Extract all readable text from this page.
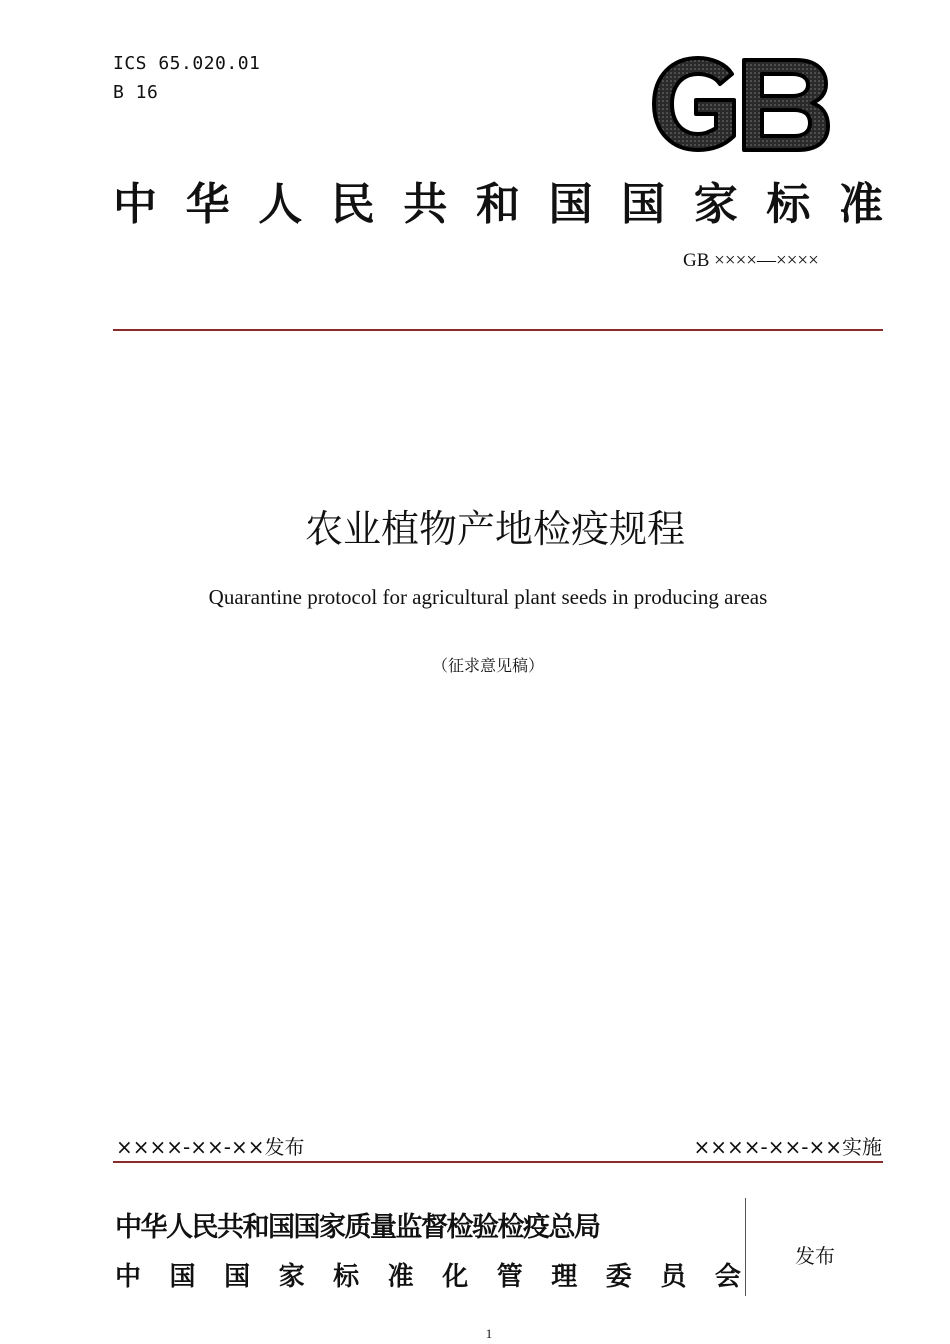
ICS 65.020.01
B 16
中 华 人 民 共 和 国 国 家 标 准
GB ××××—××××
农业植物产地检疫规程
Quarantine protocol for agricultural plant seeds in producing areas
（征求意见稿）
××××-××-××发布	××××-××-××实施
中华人民共和国国家质量监督检验检疫总局
中 国 国 家 标 准 化 管 理 委 员 会
发布
1
